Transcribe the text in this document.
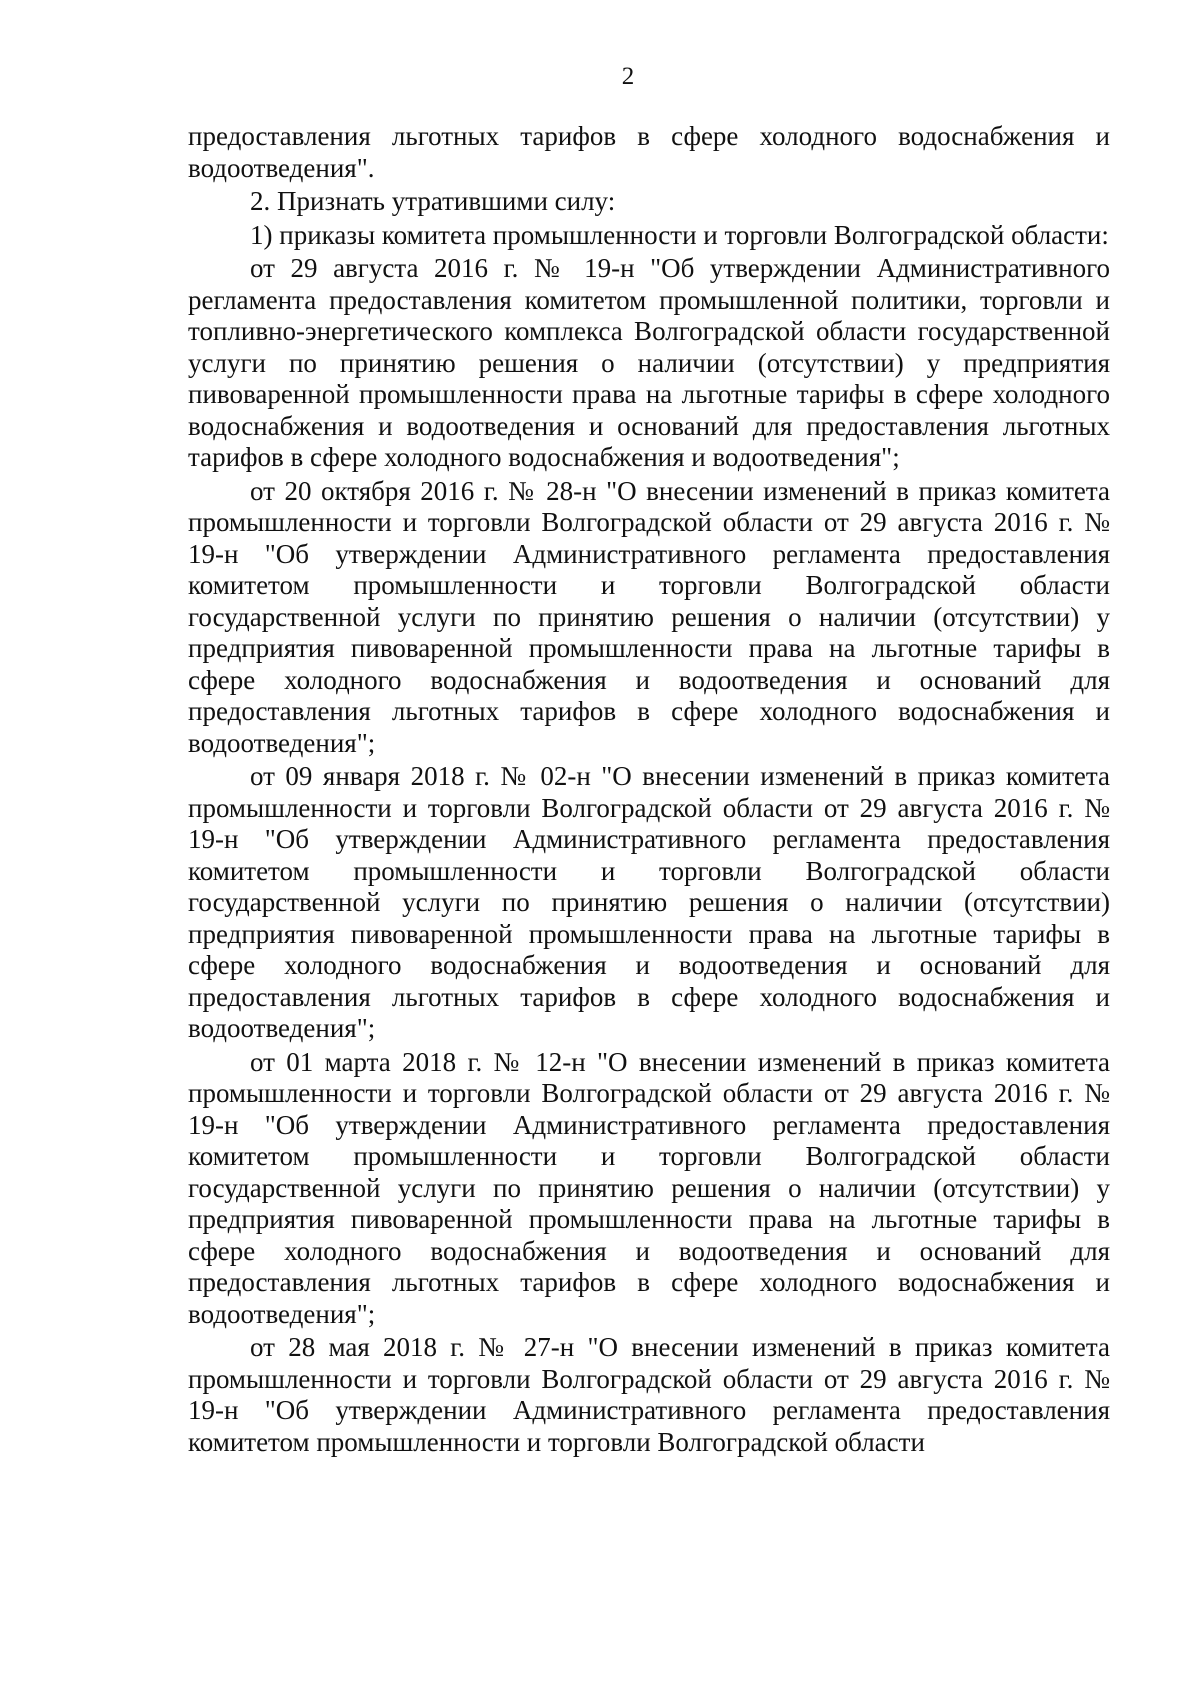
2

предоставления льготных тарифов в сфере холодного водоснабжения и водоотведения".

2. Признать утратившими силу:

1) приказы комитета промышленности и торговли Волгоградской области:

от 29 августа 2016 г. № 19-н "Об утверждении Административного регламента предоставления комитетом промышленной политики, торговли и топливно-энергетического комплекса Волгоградской области государственной услуги по принятию решения о наличии (отсутствии) у предприятия пивоваренной промышленности права на льготные тарифы в сфере холодного водоснабжения и водоотведения и оснований для предоставления льготных тарифов в сфере холодного водоснабжения и водоотведения";

от 20 октября 2016 г. № 28-н "О внесении изменений в приказ комитета промышленности и торговли Волгоградской области от 29 августа 2016 г. № 19-н "Об утверждении Административного регламента предоставления комитетом промышленности и торговли Волгоградской области государственной услуги по принятию решения о наличии (отсутствии) у предприятия пивоваренной промышленности права на льготные тарифы в сфере холодного водоснабжения и водоотведения и оснований для предоставления льготных тарифов в сфере холодного водоснабжения и водоотведения";

от 09 января 2018 г. № 02-н "О внесении изменений в приказ комитета промышленности и торговли Волгоградской области от 29 августа 2016 г. № 19-н "Об утверждении Административного регламента предоставления комитетом промышленности и торговли Волгоградской области государственной услуги по принятию решения о наличии (отсутствии) предприятия пивоваренной промышленности права на льготные тарифы в сфере холодного водоснабжения и водоотведения и оснований для предоставления льготных тарифов в сфере холодного водоснабжения и водоотведения";

от 01 марта 2018 г. № 12-н "О внесении изменений в приказ комитета промышленности и торговли Волгоградской области от 29 августа 2016 г. № 19-н "Об утверждении Административного регламента предоставления комитетом промышленности и торговли Волгоградской области государственной услуги по принятию решения о наличии (отсутствии) у предприятия пивоваренной промышленности права на льготные тарифы в сфере холодного водоснабжения и водоотведения и оснований для предоставления льготных тарифов в сфере холодного водоснабжения и водоотведения";

от 28 мая 2018 г. № 27-н "О внесении изменений в приказ комитета промышленности и торговли Волгоградской области от 29 августа 2016 г. № 19-н "Об утверждении Административного регламента предоставления комитетом промышленности и торговли Волгоградской области
